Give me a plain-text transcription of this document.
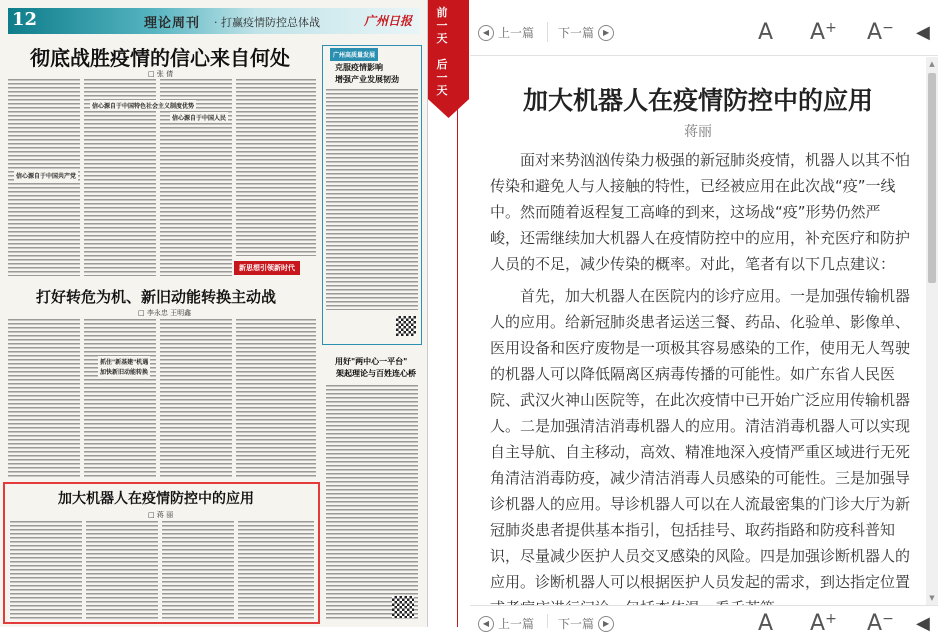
12	理论周刊 · 打赢疫情防控总体战	广州日报
彻底战胜疫情的信心来自何处
□ 张 倩
信心源自于中国共产党
信心源自于中国特色社会主义制度优势
信心源自于中国人民
新思想引领新时代
广州高质量发展
克服疫情影响
增强产业发展韧劲
打好转危为机、新旧动能转换主动战
□ 李永忠 王明鑫
抓住"新基建"机遇
加快新旧动能转换
用好"两中心一平台"
架起理论与百姓连心桥
加大机器人在疫情防控中的应用
□ 蒋 丽
前
一
天
后
一
天
◀ 上一篇 下一篇	▶	A A+ A− ◀
加大机器人在疫情防控中的应用
蒋丽

面对来势汹汹传染力极强的新冠肺炎疫情，机器人以其不怕传染和避免人与人接触的特性，已经被应用在此次战“疫”一线中。然而随着返程复工高峰的到来，这场战“疫”形势仍然严峻，还需继续加大机器人在疫情防控中的应用，补充医疗和防护人员的不足，减少传染的概率。对此，笔者有以下几点建议：

首先，加大机器人在医院内的诊疗应用。一是加强传输机器人的应用。给新冠肺炎患者运送三餐、药品、化验单、影像单、医用设备和医疗废物是一项极其容易感染的工作，使用无人驾驶的机器人可以降低隔离区病毒传播的可能性。如广东省人民医院、武汉火神山医院等，在此次疫情中已开始广泛应用传输机器人。二是加强清洁消毒机器人的应用。清洁消毒机器人可以实现自主导航、自主移动，高效、精准地深入疫情严重区域进行无死角清洁消毒防疫，减少清洁消毒人员感染的可能性。三是加强导诊机器人的应用。导诊机器人可以在人流最密集的门诊大厅为新冠肺炎患者提供基本指引，包括挂号、取药指路和防疫科普知识，尽量减少医护人员交叉感染的风险。四是加强诊断机器人的应用。诊断机器人可以根据医护人员发起的需求，到达指定位置

▲
▼
◀ 上一篇 下一篇	▶	A A+ A− ◀
